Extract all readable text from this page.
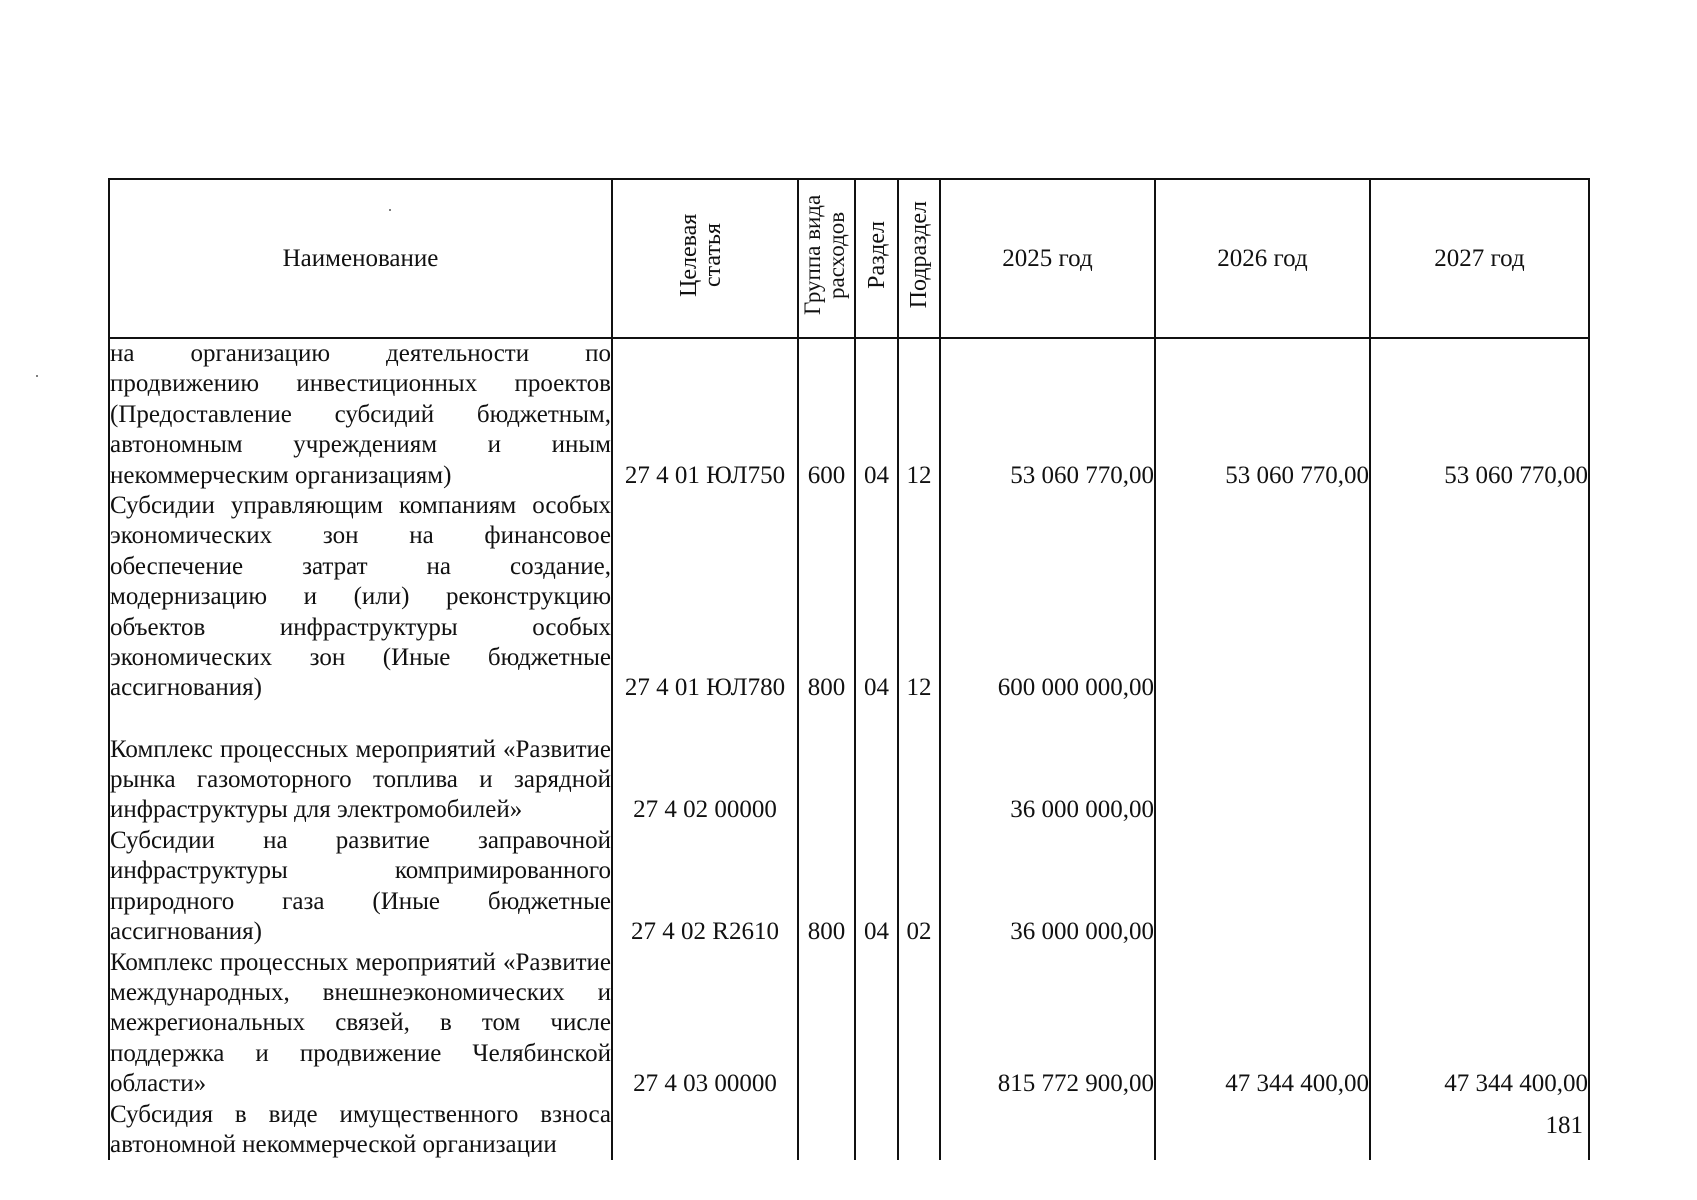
Наименование	Целевая статья	Группа вида расходов	Раздел	Подраздел	2025 год	2026 год	2027 год
на организацию деятельности по продвижению инвестиционных проектов (Предоставление субсидий бюджетным, автономным учреждениям и иным некоммерческим организациям)	27 4 01 ЮЛ750	600	04	12	53 060 770,00	53 060 770,00	53 060 770,00
Субсидии управляющим компаниям особых экономических зон на финансовое обеспечение затрат на создание, модернизацию и (или) реконструкцию объектов инфраструктуры особых экономических зон (Иные бюджетные ассигнования)	27 4 01 ЮЛ780	800	04	12	600 000 000,00		
Комплекс процессных мероприятий «Развитие рынка газомоторного топлива и зарядной инфраструктуры для электромобилей»	27 4 02 00000				36 000 000,00		
Субсидии на развитие заправочной инфраструктуры компримированного природного газа (Иные бюджетные ассигнования)	27 4 02 R2610	800	04	02	36 000 000,00		
Комплекс процессных мероприятий «Развитие международных, внешнеэкономических и межрегиональных связей, в том числе поддержка и продвижение Челябинской области»	27 4 03 00000				815 772 900,00	47 344 400,00	47 344 400,00
Субсидия в виде имущественного взноса автономной некоммерческой организации							
181
